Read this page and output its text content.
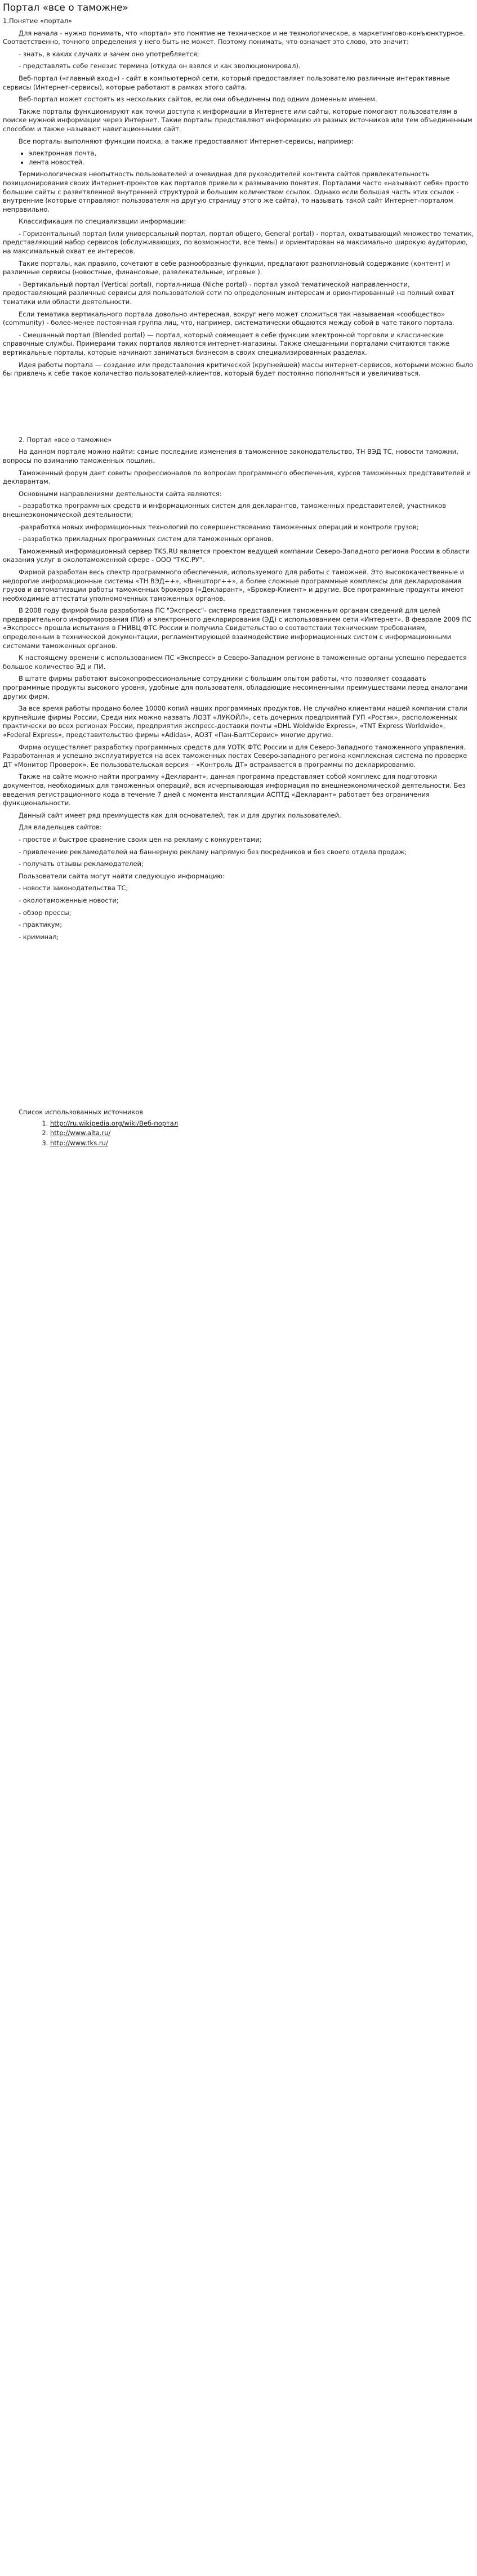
Портал «все о таможне»

1.Понятие «портал»

Для начала - нужно понимать, что «портал» это понятие не техническое и не технологическое, а маркетингово-конъюнктурное. Соответственно, точного определения у него быть не может. Поэтому понимать, что означает это слово, это значит:

- знать, в каких случаях и зачем оно употребляется;

- представлять себе генезис термина (откуда он взялся и как эволюционировал).

Веб-портал («главный вход») - сайт в компьютерной сети, который предоставляет пользователю различные интерактивные сервисы (Интернет-сервисы), которые работают в рамках этого сайта.

Веб-портал может состоять из нескольких сайтов, если они объединены под одним доменным именем.

Также порталы функционируют как точки доступа к информации в Интернете или сайты, которые помогают пользователям в поиске нужной информации через Интернет. Такие порталы представляют информацию из разных источников или тем объединенным способом и также называют навигационными сайт.

Все порталы выполняют функции поиска, а также предоставляют Интернет-сервисы, например:

• электронная почта,
• лента новостей.

Терминологическая неопытность пользователей и очевидная для руководителей контента сайтов привлекательность позиционирования своих Интернет-проектов как порталов привели к размыванию понятия. Порталами часто «называют себя» просто большие сайты с разветвленной внутренней структурой и большим количеством ссылок. Однако если большая часть этих ссылок - внутренние (которые отправляют пользователя на другую страницу этого же сайта), то называть такой сайт Интернет-порталом неправильно.

Классификация по специализации информации:

- Горизонтальный портал (или универсальный портал, портал общего, General portal) - портал, охватывающий множество тематик, представляющий набор сервисов (обслуживающих, по возможности, все темы) и ориентирован на максимально широкую аудиторию, на максимальный охват ее интересов.

Такие порталы, как правило, сочетают в себе разнообразные функции, предлагают разноплановый содержание (контент) и различные сервисы (новостные, финансовые, развлекательные, игровые ).

- Вертикальный портал (Vertical portal), портал-ниша (Niche portal) - портал узкой тематической направленности, предоставляющий различные сервисы для пользователей сети по определенным интересам и ориентированный на полный охват тематики или области деятельности.

Если тематика вертикального портала довольно интересная, вокруг него может сложиться так называемая «сообщество» (community) - более-менее постоянная группа лиц, что, например, систематически общаются между собой в чате такого портала.

- Смешанный портал (Blended portal) — портал, который совмещает в себе функции электронной торговли и классические справочные службы. Примерами таких порталов являются интернет-магазины. Также смешанными порталами считаются также вертикальные порталы, которые начинают заниматься бизнесом в своих специализированных разделах.

Идея работы портала — создание или представления критической (крупнейшей) массы интернет-сервисов, которыми можно было бы привлечь к себе такое количество пользователей-клиентов, который будет постоянно пополняться и увеличиваться.

2. Портал «все о таможне»

На данном портале можно найти: самые последние изменения в таможенное законодательство, ТН ВЭД ТС, новости таможни, вопросы по взиманию таможенных пошлин.

Таможенный форум дает советы профессионалов по вопросам программного обеспечения, курсов таможенных представителей и декларантам.

Основными направлениями деятельности сайта являются:

- разработка программных средств и информационных систем для декларантов, таможенных представителей, участников внешнеэкономической деятельности;

-разработка новых информационных технологий по совершенствованию таможенных операций и контроля грузов;

- разработка прикладных программных систем для таможенных органов.

Таможенный информационный сервер TKS.RU является проектом ведущей компании Северо-Западного региона России в области оказания услуг в околотаможенной сфере - ООО "ТКС.РУ".

Фирмой разработан весь спектр программного обеспечения, используемого для работы с таможней. Это высококачественные и недорогие информационные системы «ТН ВЭД++», «Внешторг++», а более сложные программные комплексы для декларирования грузов и автоматизации работы таможенных брокеров («Декларант», «Брокер-Клиент» и другие. Все программные продукты имеют необходимые аттестаты уполномоченных таможенных органов.

В 2008 году фирмой была разработана ПС "Экспресс"- система представления таможенным органам сведений для целей предварительного информирования (ПИ) и электронного декларирования (ЭД) с использованием сети «Интернет». В феврале 2009 ПС «Экспресс» прошла испытания в ГНИВЦ ФТС России и получила Свидетельство о соответствии техническим требованиям, определенным в технической документации, регламентирующей взаимодействие информационных систем с информационными системами таможенных органов.

К настоящему времени с использованием ПС «Экспресс» в Северо-Западном регионе в таможенные органы успешно передается большое количество ЭД и ПИ.

В штате фирмы работают высокопрофессиональные сотрудники с большим опытом работы, что позволяет создавать программные продукты высокого уровня, удобные для пользователя, обладающие несомненными преимуществами перед аналогами других фирм.

За все время работы продано более 10000 копий наших программных продуктов. Не случайно клиентами нашей компании стали крупнейшие фирмы России, Среди них можно назвать ЛОЗТ «ЛУКОЙЛ», сеть дочерних предприятий ГУП «Ростэк», расположенных практически во всех регионах России, предприятия экспресс-доставки почты «DHL Woldwide Express», «TNT Express Worldwide», «Federal Express», представительство фирмы «Adidas», АОЗТ «Пан-БалтСервис» многие другие.

Фирма осуществляет разработку программных средств для УОТК ФТС России и для Северо-Западного таможенного управления. Разработанная и успешно эксплуатируется на всех таможенных постах Северо-западного региона комплексная система по проверке ДТ «Монитор Проверок». Ее пользовательская версия – «Контроль ДТ» встраивается в программы по декларированию.

Также на сайте можно найти программу «Декларант», данная программа представляет собой комплекс для подготовки документов, необходимых для таможенных операций, вся исчерпывающая информация по внешнеэкономической деятельности. Без введения регистрационного кода в течение 7 дней с момента инсталляции АСПТД «Декларант» работает без ограничения функциональности.

Данный сайт имеет ряд преимуществ как для основателей, так и для других пользователей.

Для владельцев сайтов:

- простое и быстрое сравнение своих цен на рекламу с конкурентами;

- привлечение рекламодателей на баннерную рекламу напрямую без посредников и без своего отдела продаж;

- получать отзывы рекламодателей;

Пользователи сайта могут найти следующую информацию:

- новости законодательства ТС;

- околотаможенные новости;

- обзор прессы;

- практикум;

- криминал;

Список использованных источников

1. http://ru.wikipedia.org/wiki/Веб-портал
2. http://www.alta.ru/
3. http://www.tks.ru/
